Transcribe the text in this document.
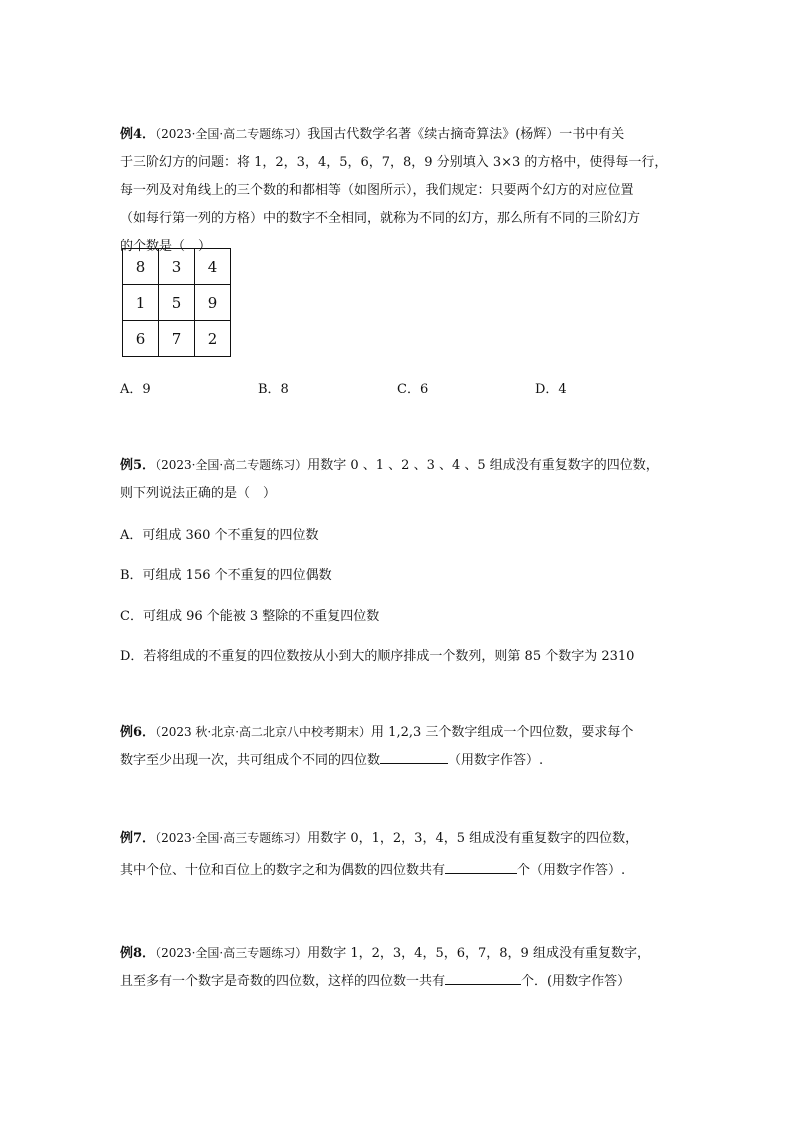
例4．（2023·全国·高二专题练习）我国古代数学名著《续古摘奇算法》(杨辉）一书中有关

于三阶幻方的问题：将 1，2，3，4，5，6，7，8，9 分别填入 3×3 的方格中，使得每一行，

每一列及对角线上的三个数的和都相等（如图所示），我们规定：只要两个幻方的对应位置

（如每行第一列的方格）中的数字不全相同，就称为不同的幻方，那么所有不同的三阶幻方

的个数是（　）

8	3	4
1	5	9
6	7	2
A．9	B．8	C．6	D．4

例5．（2023·全国·高二专题练习）用数字 0 、1 、2 、3 、4 、5 组成没有重复数字的四位数，

则下列说法正确的是（　）

A．可组成 360 个不重复的四位数
B．可组成 156 个不重复的四位偶数
C．可组成 96 个能被 3 整除的不重复四位数
D．若将组成的不重复的四位数按从小到大的顺序排成一个数列，则第 85 个数字为 2310

例6．（2023 秋·北京·高二北京八中校考期末）用 1,2,3 三个数字组成一个四位数，要求每个

数字至少出现一次，共可组成个不同的四位数	（用数字作答）.

例7．（2023·全国·高三专题练习）用数字 0，1，2，3，4，5 组成没有重复数字的四位数，

其中个位、十位和百位上的数字之和为偶数的四位数共有	个（用数字作答）.

例8．（2023·全国·高三专题练习）用数字 1，2，3，4，5，6，7，8，9 组成没有重复数字，

且至多有一个数字是奇数的四位数，这样的四位数一共有	个．(用数字作答）
